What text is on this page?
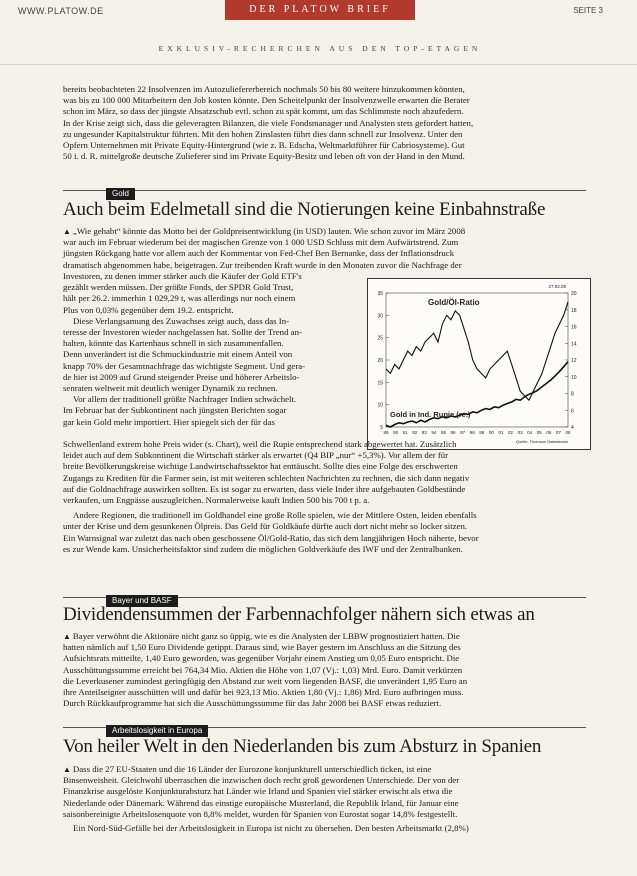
WWW.PLATOW.DE	DER PLATOW BRIEF	SEITE 3
EXKLUSIV-RECHERCHEN AUS DEN TOP-ETAGEN
bereits beobachteten 22 Insolvenzen im Autozuliefererbereich nochmals 50 bis 80 weitere hinzukommen könnten,
was bis zu 100 000 Mitarbeitern den Job kosten könnte. Den Scheitelpunkt der Insolvenzwelle erwarten die Berater
schon im März, so dass der jüngste Absatzschub evtl. schon zu spät kommt, um das Schlimmste noch abzufedern.
In der Krise zeigt sich, dass die geleveragten Bilanzen, die viele Fondsmanager und Analysten stets gefordert hatten,
zu ungesunder Kapitalstruktur führten. Mit den hohen Zinslasten führt dies dann schnell zur Insolvenz. Unter den
Opfern Unternehmen mit Private Equity-Hintergrund (wie z. B. Edscha, Weltmarktführer für Cabriosysteme). Gut
50 i. d. R. mittelgroße deutsche Zulieferer sind im Private Equity-Besitz und leben oft von der Hand in den Mund.
Gold
Auch beim Edelmetall sind die Notierungen keine Einbahnstraße
▲ „Wie gehabt“ könnte das Motto bei der Goldpreisentwicklung (in USD) lauten. Wie schon zuvor im März 2008
war auch im Februar wiederum bei der magischen Grenze von 1 000 USD Schluss mit dem Aufwärtstrend. Zum
jüngsten Rückgang hatte vor allem auch der Kommentar von Fed-Chef Ben Bernanke, dass der Inflationsdruck
dramatisch abgenommen habe, beigetragen. Zur treibenden Kraft wurde in den Monaten zuvor die Nachfrage der
Investoren, zu denen immer stärker auch die Käufer der Gold ETF's
gezählt werden müssen. Der größte Fonds, der SPDR Gold Trust,
hält per 26.2. immerhin 1 029,29 t, was allerdings nur noch einem
Plus von 0,03% gegenüber dem 19.2. entspricht.
Diese Verlangsamung des Zuwachses zeigt auch, dass das In-
teresse der Investoren wieder nachgelassen hat. Sollte der Trend an-
halten, könnte das Kartenhaus schnell in sich zusammenfallen.
Denn unverändert ist die Schmuckindustrie mit einem Anteil von
knapp 70% der Gesamtnachfrage das wichtigste Segment. Und gera-
de hier ist 2009 auf Grund steigender Preise und höherer Arbeitslo-
senraten weltweit mit deutlich weniger Dynamik zu rechnen.
Vor allem der traditionell größte Nachfrager Indien schwächelt.
Im Februar hat der Subkontinent nach jüngsten Berichten sogar
gar kein Gold mehr importiert. Hier spiegelt sich der für das
35
30
25
20
15
10
5
20
18
16
14
12
10
8
6
4
89 90 91 92 93 94 95 96 97 98 99 00 01 02 03 04 05 06 07 08
Gold/Öl-Ratio
Gold in Ind. Rupie (re.)
27.02.09
Quelle: Thomson Datastream
Schwellenland extrem hohe Preis wider (s. Chart), weil die Rupie entsprechend stark abgewertet hat. Zusätzlich
leidet auch auf dem Subkontinent die Wirtschaft stärker als erwartet (Q4 BIP „nur“ +5,3%). Vor allem der für
breite Bevölkerungskreise wichtige Landwirtschaftssektor hat enttäuscht. Sollte dies eine Folge des erschwerten
Zugangs zu Krediten für die Farmer sein, ist mit weiteren schlechten Nachrichten zu rechnen, die sich dann negativ
auf die Goldnachfrage auswirken sollten. Es ist sogar zu erwarten, dass viele Inder ihre aufgebauten Goldbestände
verkaufen, um Engpässe auszugleichen. Normalerweise kauft Indien 500 bis 700 t p. a.
Andere Regionen, die traditionell im Goldhandel eine große Rolle spielen, wie der Mittlere Osten, leiden ebenfalls
unter der Krise und dem gesunkenen Ölpreis. Das Geld für Goldkäufe dürfte auch dort nicht mehr so locker sitzen.
Ein Warnsignal war zuletzt das nach oben geschossene Öl/Gold-Ratio, das sich dem langjährigen Hoch näherte, bevor
es zur Wende kam. Unsicherheitsfaktor sind zudem die möglichen Goldverkäufe des IWF und der Zentralbanken.
Bayer und BASF
Dividendensummen der Farbennachfolger nähern sich etwas an
▲ Bayer verwöhnt die Aktionäre nicht ganz so üppig, wie es die Analysten der LBBW prognostiziert hatten. Die
hatten nämlich auf 1,50 Euro Dividende getippt. Daraus sind, wie Bayer gestern im Anschluss an die Sitzung des
Aufsichtsrats mitteilte, 1,40 Euro geworden, was gegenüber Vorjahr einem Anstieg um 0,05 Euro entspricht. Die
Ausschüttungssumme erreicht bei 764,34 Mio. Aktien die Höhe von 1,07 (Vj.: 1,03) Mrd. Euro. Damit verkürzen
die Leverkusener zumindest geringfügig den Abstand zur weit vorn liegenden BASF, die unverändert 1,95 Euro an
ihre Anteilseigner ausschütten will und dafür bei 923,13 Mio. Aktien 1,80 (Vj.: 1,86) Mrd. Euro aufbringen muss.
Durch Rückkaufprogramme hat sich die Ausschüttungssumme für das Jahr 2008 bei BASF etwas reduziert.
Arbeitslosigkeit in Europa
Von heiler Welt in den Niederlanden bis zum Absturz in Spanien
▲ Dass die 27 EU-Staaten und die 16 Länder der Eurozone konjunkturell unterschiedlich ticken, ist eine
Binsenweisheit. Gleichwohl überraschen die inzwischen doch recht groß gewordenen Unterschiede. Der von der
Finanzkrise ausgelöste Konjunkturabsturz hat Länder wie Irland und Spanien viel stärker erwischt als etwa die
Niederlande oder Dänemark. Während das einstige europäische Musterland, die Republik Irland, für Januar eine
saisonbereinigte Arbeitslosenquote von 8,8% meldet, wurden für Spanien von Eurostat sogar 14,8% festgestellt.
Ein Nord-Süd-Gefälle bei der Arbeitslosigkeit in Europa ist nicht zu übersehen. Den besten Arbeitsmarkt (2,8%)
